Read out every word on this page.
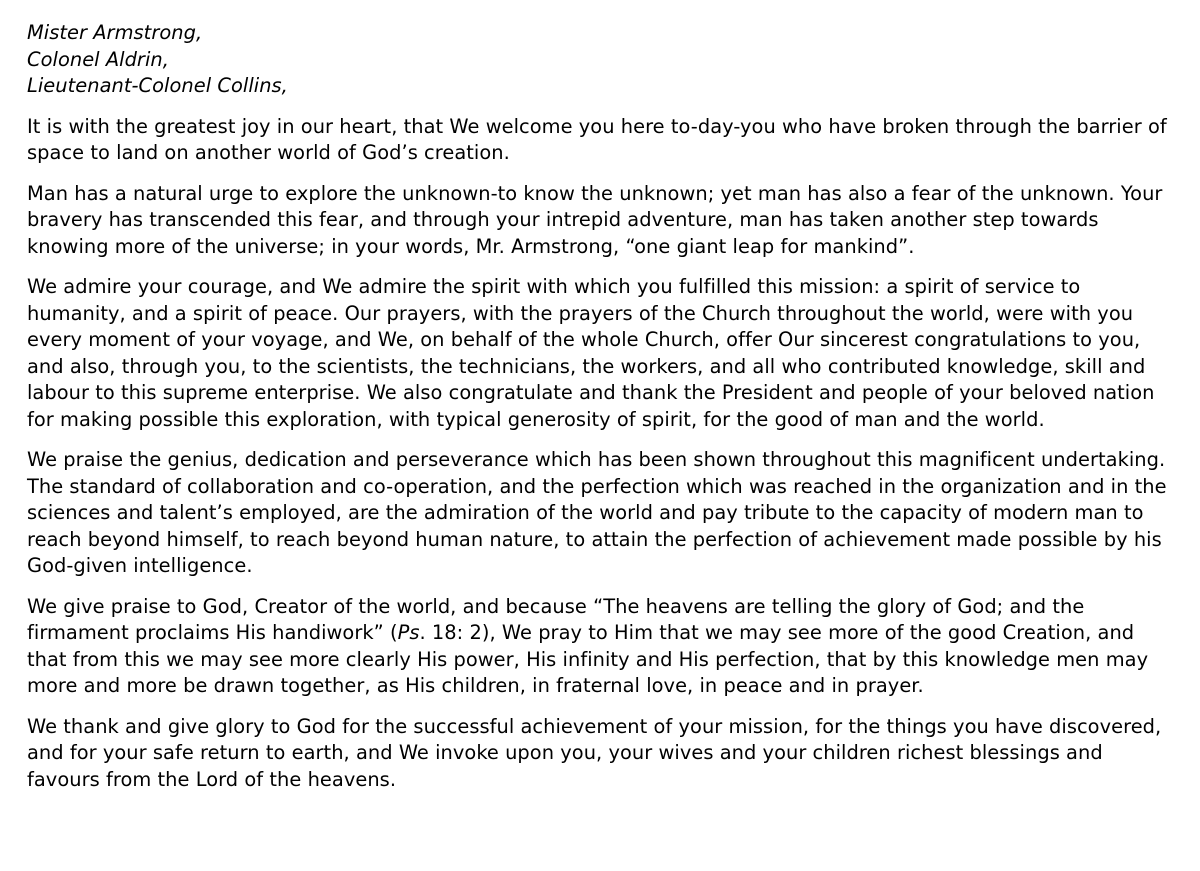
Mister Armstrong,
Colonel Aldrin,
Lieutenant-Colonel Collins,

It is with the greatest joy in our heart, that We welcome you here to-day-you who have broken through the barrier of space to land on another world of God’s creation.

Man has a natural urge to explore the unknown-to know the unknown; yet man has also a fear of the unknown. Your bravery has transcended this fear, and through your intrepid adventure, man has taken another step towards knowing more of the universe; in your words, Mr. Armstrong, “one giant leap for mankind”.

We admire your courage, and We admire the spirit with which you fulfilled this mission: a spirit of service to humanity, and a spirit of peace. Our prayers, with the prayers of the Church throughout the world, were with you every moment of your voyage, and We, on behalf of the whole Church, offer Our sincerest congratulations to you, and also, through you, to the scientists, the technicians, the workers, and all who contributed knowledge, skill and labour to this supreme enterprise. We also congratulate and thank the President and people of your beloved nation for making possible this exploration, with typical generosity of spirit, for the good of man and the world.

We praise the genius, dedication and perseverance which has been shown throughout this magnificent undertaking. The standard of collaboration and co-operation, and the perfection which was reached in the organization and in the sciences and talent’s employed, are the admiration of the world and pay tribute to the capacity of modern man to reach beyond himself, to reach beyond human nature, to attain the perfection of achievement made possible by his God-given intelligence.

We give praise to God, Creator of the world, and because “The heavens are telling the glory of God; and the firmament proclaims His handiwork” (Ps. 18: 2), We pray to Him that we may see more of the good Creation, and that from this we may see more clearly His power, His infinity and His perfection, that by this knowledge men may more and more be drawn together, as His children, in fraternal love, in peace and in prayer.

We thank and give glory to God for the successful achievement of your mission, for the things you have discovered, and for your safe return to earth, and We invoke upon you, your wives and your children richest blessings and favours from the Lord of the heavens.
